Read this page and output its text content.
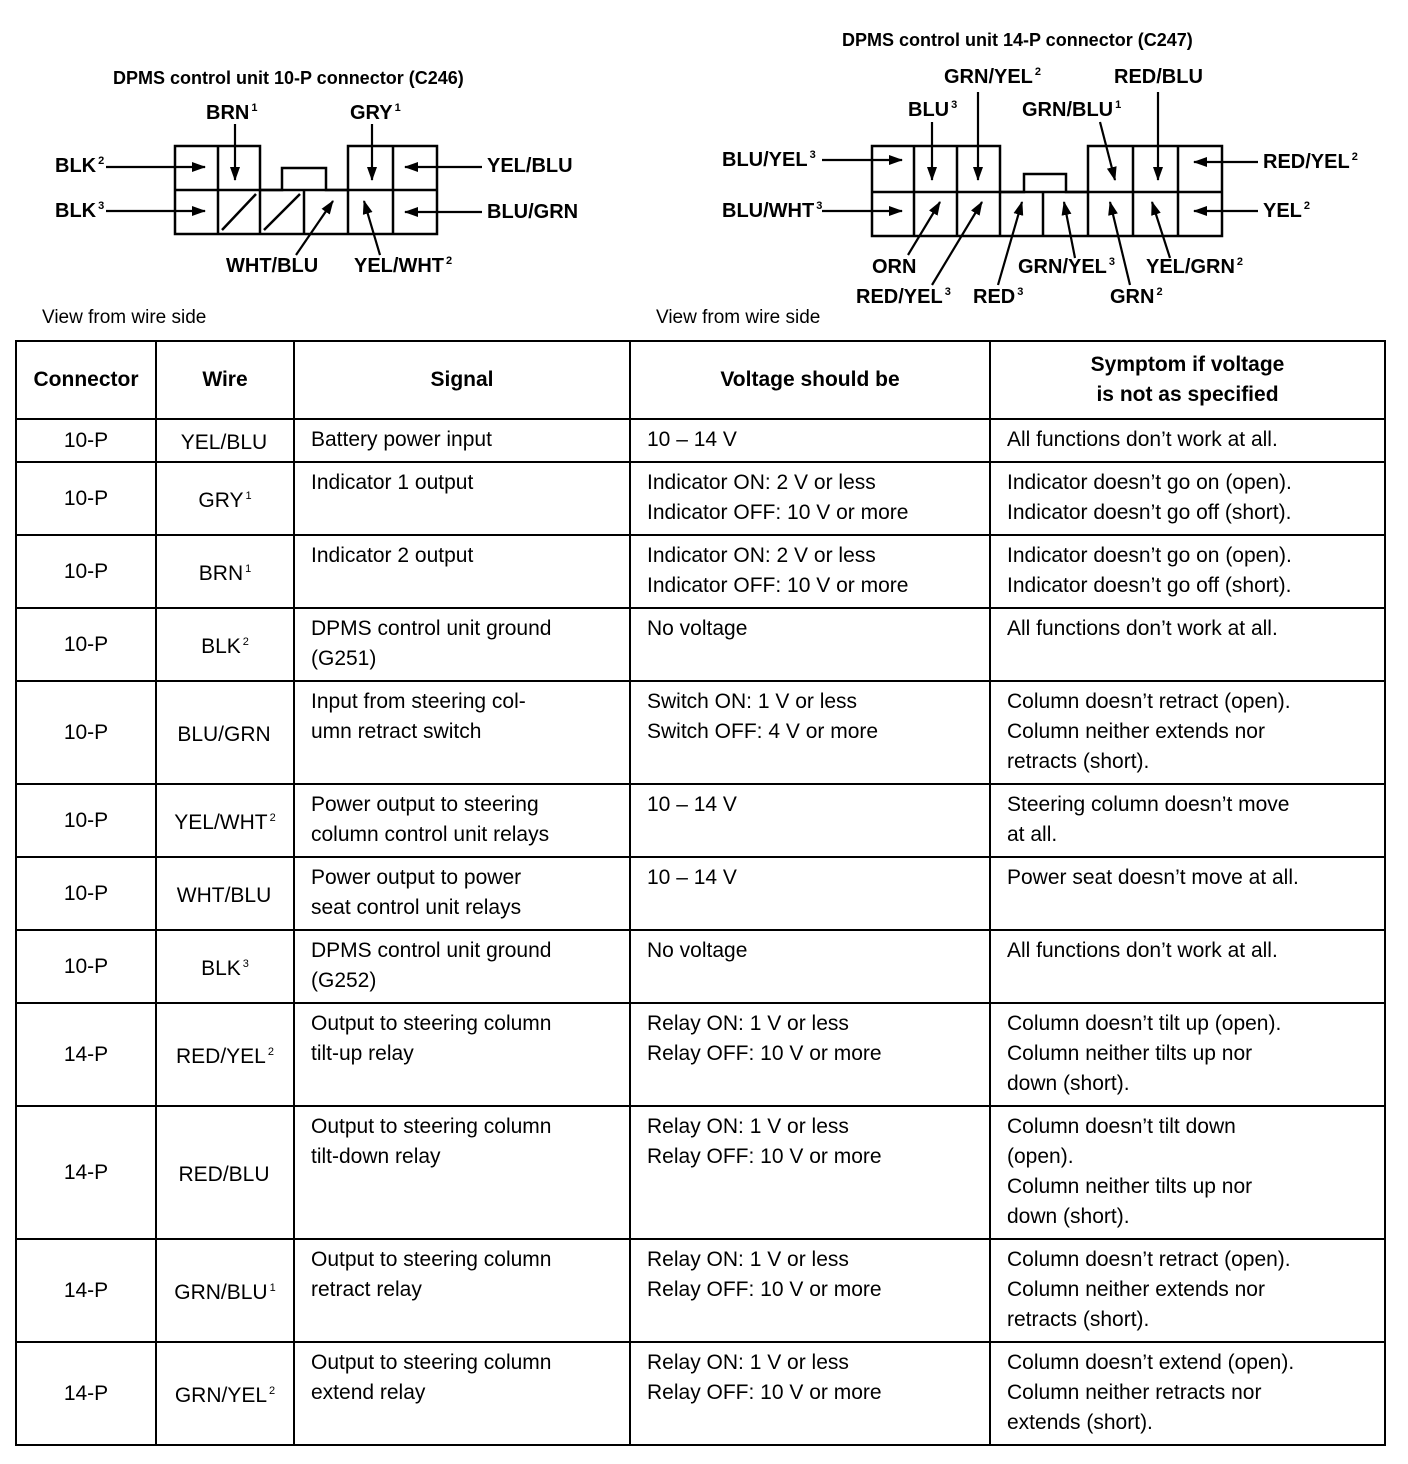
DPMS control unit 10-P connector (C246)
BRN $^1$	GRY $^1$
BLK $^2$
BLK $^3$
YEL/BLU
BLU/GRN
WHT/BLU YEL/WHT $^2$
View from wire side
DPMS control unit 14-P connector (C247)
GRN/YEL $^2$	RED/BLU
BLU $^3$	GRN/BLU $^1$
BLU/YEL $^3$	RED/YEL $^2$
BLU/WHT $^3$	YEL $^2$
ORN	GRN/YEL $^3$ YEL/GRN $^2$
RED/YEL $^3$ RED $^3$	GRN $^2$
View from wire side
Connector	Wire	Signal	Voltage should be	Symptom if voltage
is not as specified

10-P	YEL/BLU	Battery power input	10 – 14 V	All functions don’t work at all.

10-P	GRY $^1$	Indicator 1 output	Indicator ON: 2 V or less
Indicator OFF: 10 V or more	Indicator doesn’t go on (open).
Indicator doesn’t go off (short).

10-P	BRN $^1$	Indicator 2 output	Indicator ON: 2 V or less
Indicator OFF: 10 V or more	Indicator doesn’t go on (open).
Indicator doesn’t go off (short).

10-P	BLK $^2$	DPMS control unit ground
(G251)	No voltage	All functions don’t work at all.

10-P	BLU/GRN	Input from steering col-
umn retract switch	Switch ON: 1 V or less
Switch OFF: 4 V or more	Column doesn’t retract (open).
Column neither extends nor
retracts (short).

10-P	YEL/WHT $^2$	Power output to steering
column control unit relays	10 – 14 V	Steering column doesn’t move
at all.

10-P	WHT/BLU	Power output to power
seat control unit relays	10 – 14 V	Power seat doesn’t move at all.

10-P	BLK $^3$	DPMS control unit ground
(G252)	No voltage	All functions don’t work at all.

14-P	RED/YEL $^2$	Output to steering column
tilt-up relay	Relay ON: 1 V or less
Relay OFF: 10 V or more	Column doesn’t tilt up (open).
Column neither tilts up nor
down (short).

14-P	RED/BLU	Output to steering column
tilt-down relay	Relay ON: 1 V or less
Relay OFF: 10 V or more	Column doesn’t tilt down
(open).
Column neither tilts up nor
down (short).

14-P	GRN/BLU $^1$	Output to steering column
retract relay	Relay ON: 1 V or less
Relay OFF: 10 V or more	Column doesn’t retract (open).
Column neither extends nor
retracts (short).

14-P	GRN/YEL $^2$	Output to steering column
extend relay	Relay ON: 1 V or less
Relay OFF: 10 V or more	Column doesn’t extend (open).
Column neither retracts nor
extends (short).
